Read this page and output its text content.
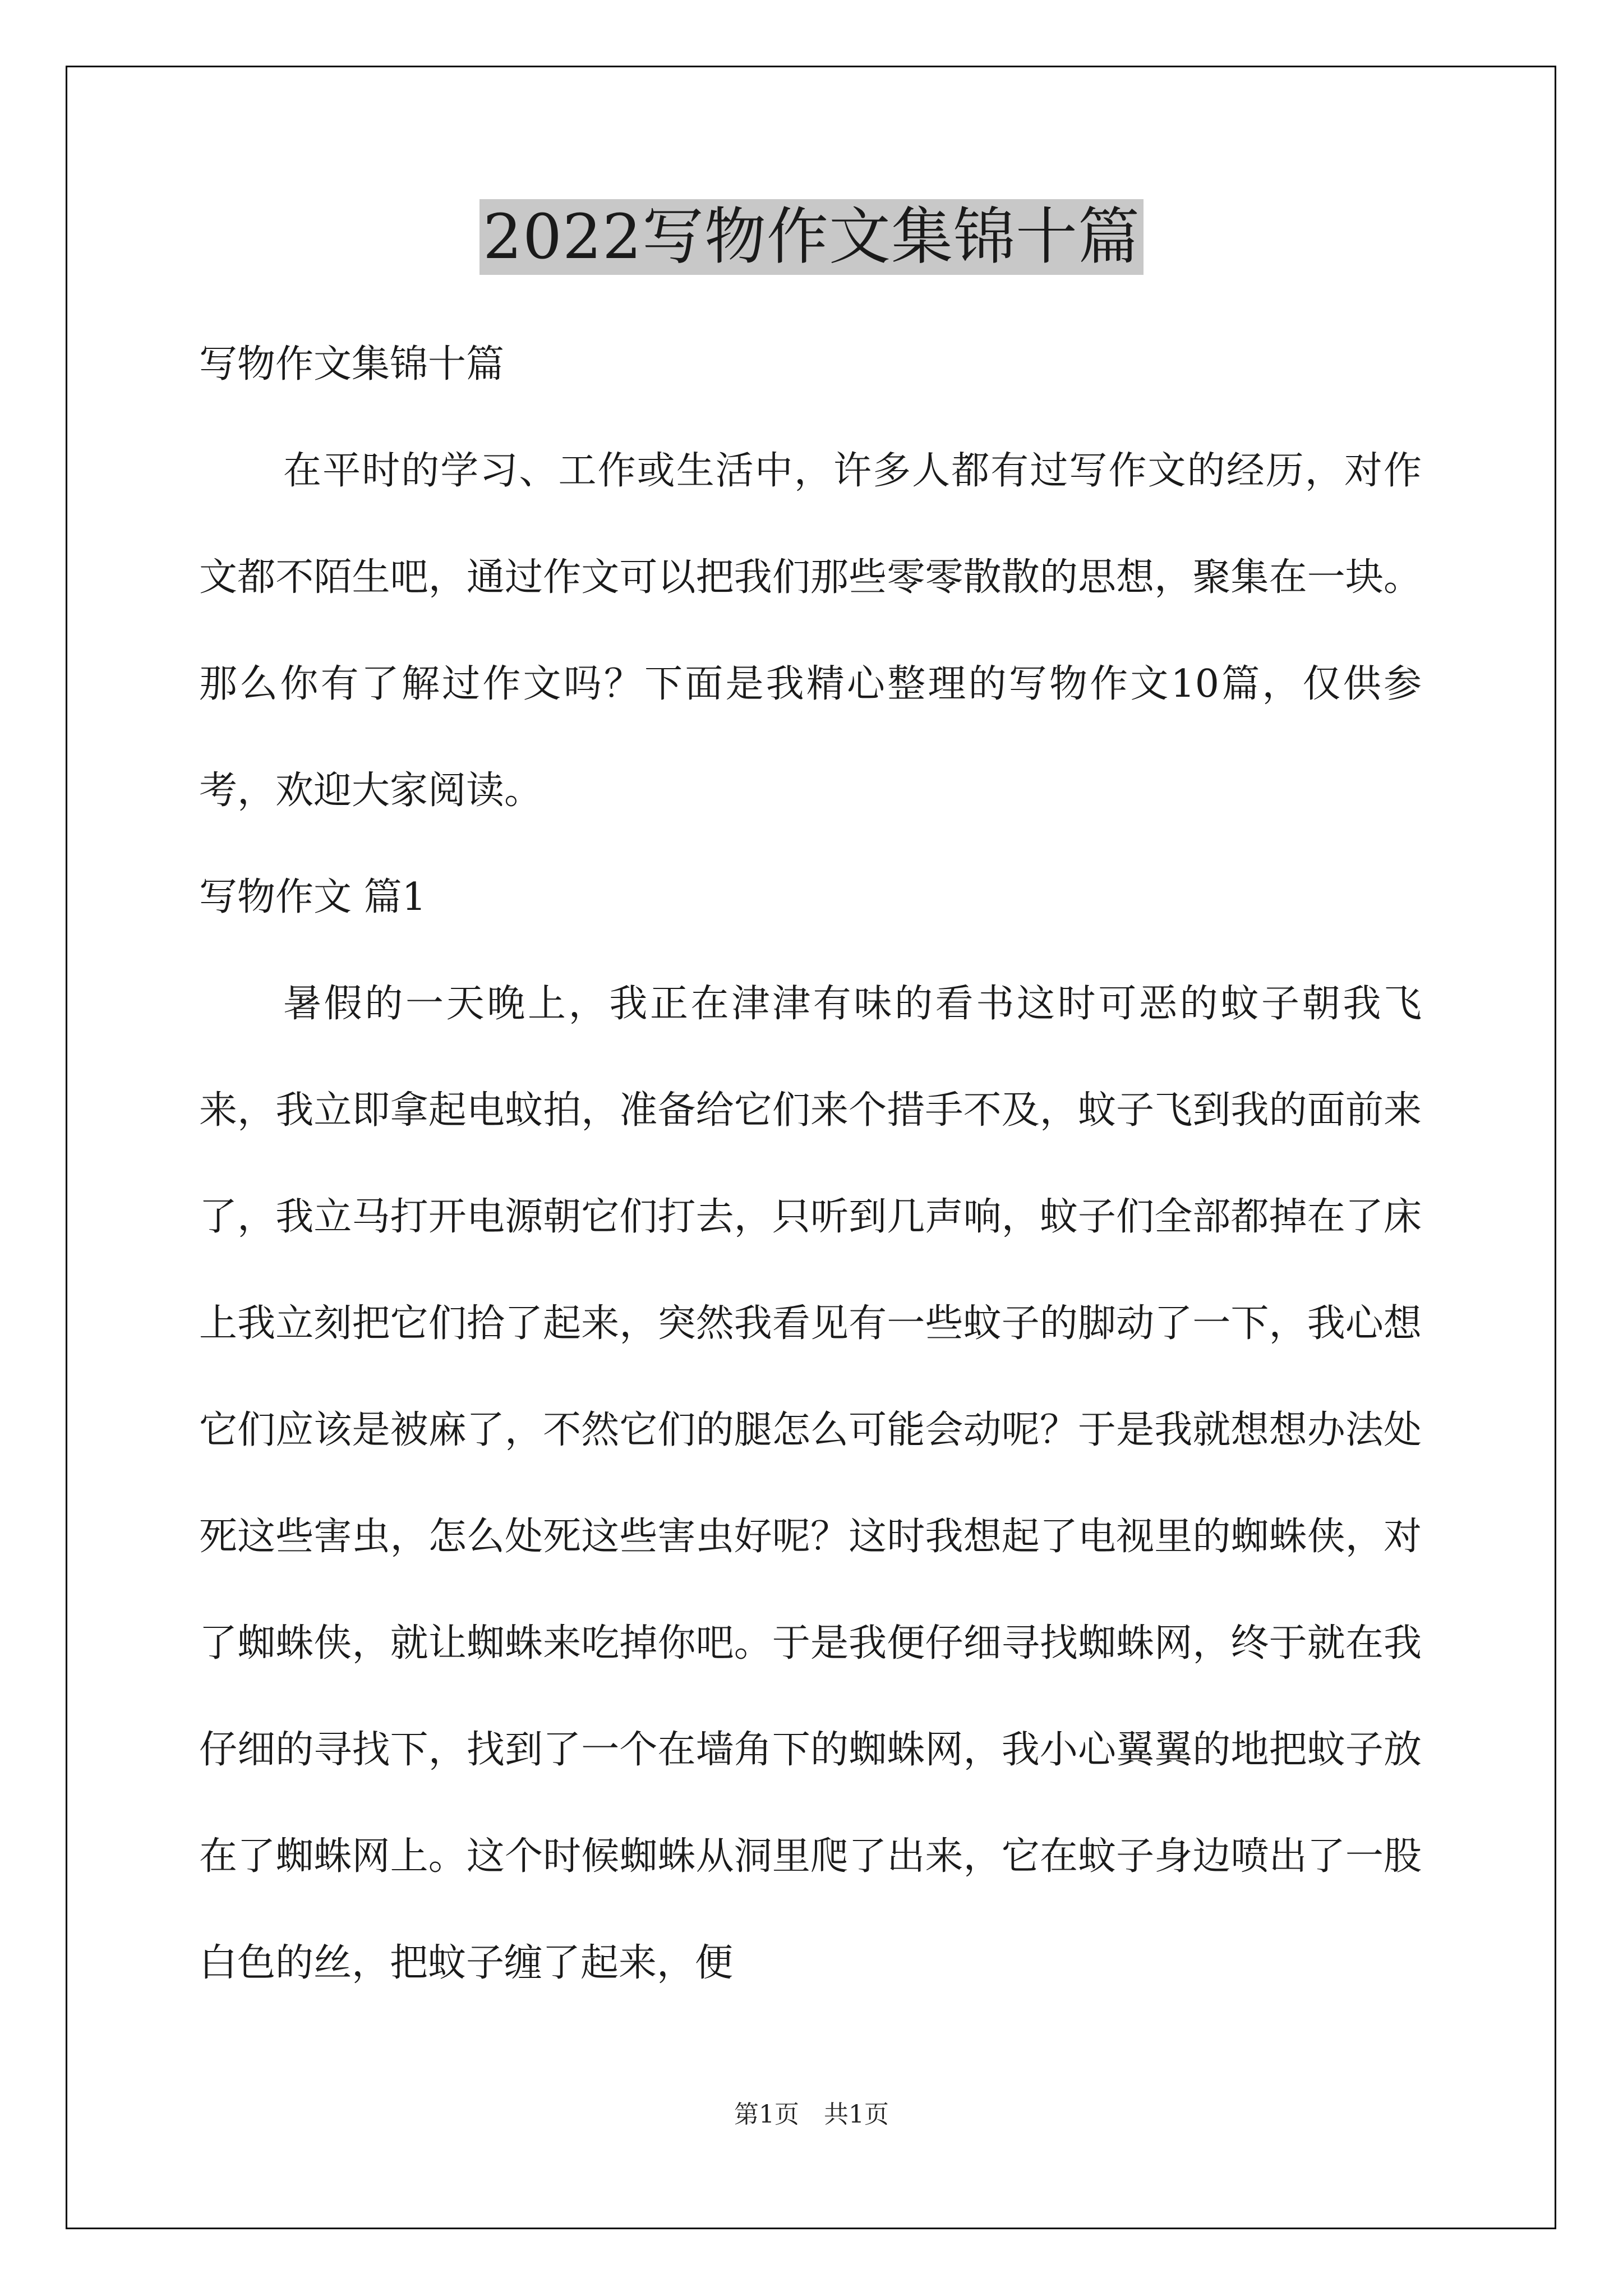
2022写物作文集锦十篇

写物作文集锦十篇

在平时的学习、工作或生活中，许多人都有过写作文的经历，对作文都不陌生吧，通过作文可以把我们那些零零散散的思想，聚集在一块。那么你有了解过作文吗？下面是我精心整理的写物作文10篇，仅供参考，欢迎大家阅读。

写物作文 篇1

暑假的一天晚上，我正在津津有味的看书这时可恶的蚊子朝我飞来，我立即拿起电蚊拍，准备给它们来个措手不及，蚊子飞到我的面前来了，我立马打开电源朝它们打去，只听到几声响，蚊子们全部都掉在了床上我立刻把它们拾了起来，突然我看见有一些蚊子的脚动了一下，我心想它们应该是被麻了，不然它们的腿怎么可能会动呢？于是我就想想办法处死这些害虫，怎么处死这些害虫好呢？这时我想起了电视里的蜘蛛侠，对了蜘蛛侠，就让蜘蛛来吃掉你吧。于是我便仔细寻找蜘蛛网，终于就在我仔细的寻找下，找到了一个在墙角下的蜘蛛网，我小心翼翼的地把蚊子放在了蜘蛛网上。这个时候蜘蛛从洞里爬了出来，它在蚊子身边喷出了一股白色的丝，把蚊子缠了起来，便

第1页 共1页
